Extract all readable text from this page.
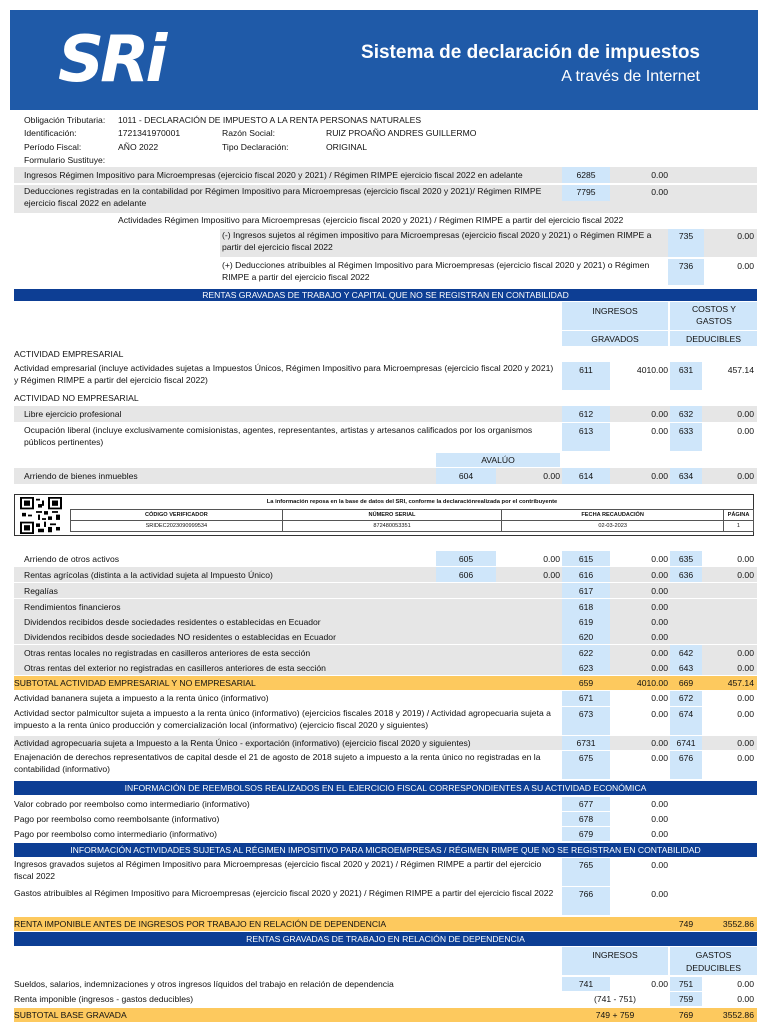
SRi	Sistema de declaración de impuestos
A través de Internet
Obligación Tributaria: 1011 - DECLARACIÓN DE IMPUESTO A LA RENTA PERSONAS NATURALES
Identificación:	1721341970001	Razón Social:	RUIZ PROAÑO ANDRES GUILLERMO
Período Fiscal:	AÑO 2022	Tipo Declaración:	ORIGINAL
Formulario Sustituye:
Ingresos Régimen Impositivo para Microempresas (ejercicio fiscal 2020 y 2021) / Régimen RIMPE ejercicio fiscal 2022 en adelante	6285	0.00
Deducciones registradas en la contabilidad por Régimen Impositivo para Microempresas (ejercicio fiscal 2020 y 2021)/ Régimen RIMPE ejercicio fiscal 2022 en adelante
7795	0.00
Actividades Régimen Impositivo para Microempresas (ejercicio fiscal 2020 y 2021) / Régimen RIMPE a partir del ejercicio fiscal 2022
(-) Ingresos sujetos al régimen impositivo para Microempresas (ejercicio fiscal 2020 y 2021) o Régimen RIMPE a partir del ejercicio fiscal 2022
735	0.00
(+) Deducciones atribuibles al Régimen Impositivo para Microempresas (ejercicio fiscal 2020 y 2021) o Régimen RIMPE a partir del ejercicio fiscal 2022
736	0.00
RENTAS GRAVADAS DE TRABAJO Y CAPITAL QUE NO SE REGISTRAN EN CONTABILIDAD
INGRESOS
GRAVADOS
COSTOS Y GASTOS
DEDUCIBLES
ACTIVIDAD EMPRESARIAL
Actividad empresarial (incluye actividades sujetas a Impuestos Únicos, Régimen Impositivo para Microempresas (ejercicio fiscal 2020 y 2021) y Régimen RIMPE a partir del ejercicio fiscal 2022)
611	4010.00	631	457.14
ACTIVIDAD NO EMPRESARIAL
Libre ejercicio profesional	612	0.00	632	0.00
Ocupación liberal (incluye exclusivamente comisionistas, agentes, representantes, artistas y artesanos calificados por los organismos públicos pertinentes)
613	0.00	633	0.00
AVALÚO
Arriendo de bienes inmuebles	604	0.00	614	0.00	634	0.00
La información reposa en la base de datos del SRI, conforme la declaraciónrealizada por el contribuyente
CÓDIGO VERIFICADOR	NÚMERO SERIAL	FECHA RECAUDACIÓN	PÁGINA
SRIDEC2023090999534	872480053351	02-03-2023	1
Arriendo de otros activos	605	0.00	615	0.00	635	0.00
Rentas agrícolas (distinta a la actividad sujeta al Impuesto Único)	606	0.00	616	0.00	636	0.00
Regalías	617	0.00
Rendimientos financieros	618	0.00
Dividendos recibidos desde sociedades residentes o establecidas en Ecuador	619	0.00
Dividendos recibidos desde sociedades NO residentes o establecidas en Ecuador	620	0.00
Otras rentas locales no registradas en casilleros anteriores de esta sección	622	0.00	642	0.00
Otras rentas del exterior no registradas en casilleros anteriores de esta sección	623	0.00	643	0.00
SUBTOTAL ACTIVIDAD EMPRESARIAL Y NO EMPRESARIAL	659	4010.00	669	457.14
Actividad bananera sujeta a impuesto a la renta único (informativo)	671	0.00	672	0.00
Actividad sector palmicultor sujeta a impuesto a la renta único (informativo) (ejercicios fiscales 2018 y 2019) / Actividad agropecuaria sujeta a impuesto a la renta único producción y comercialización local (informativo) (ejercicio fiscal 2020 y siguientes)
673	0.00	674	0.00
Actividad agropecuaria sujeta a Impuesto a la Renta Único - exportación (informativo) (ejercicio fiscal 2020 y siguientes)	6731	0.00 6741	0.00
Enajenación de derechos representativos de capital desde el 21 de agosto de 2018 sujeto a impuesto a la renta único no registradas en la contabilidad (informativo)
675	0.00	676	0.00
INFORMACIÓN DE REEMBOLSOS REALIZADOS EN EL EJERCICIO FISCAL CORRESPONDIENTES A SU ACTIVIDAD ECONÓMICA
Valor cobrado por reembolso como intermediario (informativo)	677	0.00
Pago por reembolso como reembolsante (informativo)	678	0.00
Pago por reembolso como intermediario (informativo)	679	0.00
INFORMACIÓN ACTIVIDADES SUJETAS AL RÉGIMEN IMPOSITIVO PARA MICROEMPRESAS / RÉGIMEN RIMPE QUE NO SE REGISTRAN EN CONTABILIDAD
Ingresos gravados sujetos al Régimen Impositivo para Microempresas (ejercicio fiscal 2020 y 2021) / Régimen RIMPE a partir del ejercicio fiscal 2022
765	0.00
Gastos atribuibles al Régimen Impositivo para Microempresas (ejercicio fiscal 2020 y 2021) / Régimen RIMPE a partir del ejercicio fiscal 2022	766	0.00
RENTA IMPONIBLE ANTES DE INGRESOS POR TRABAJO EN RELACIÓN DE DEPENDENCIA	749	3552.86
RENTAS GRAVADAS DE TRABAJO EN RELACIÓN DE DEPENDENCIA
INGRESOS	GASTOS
DEDUCIBLES
Sueldos, salarios, indemnizaciones y otros ingresos líquidos del trabajo en relación de dependencia	741	0.00	751	0.00
Renta imponible (ingresos - gastos deducibles)	(741 - 751)	759	0.00
SUBTOTAL BASE GRAVADA	749 + 759	769	3552.86
